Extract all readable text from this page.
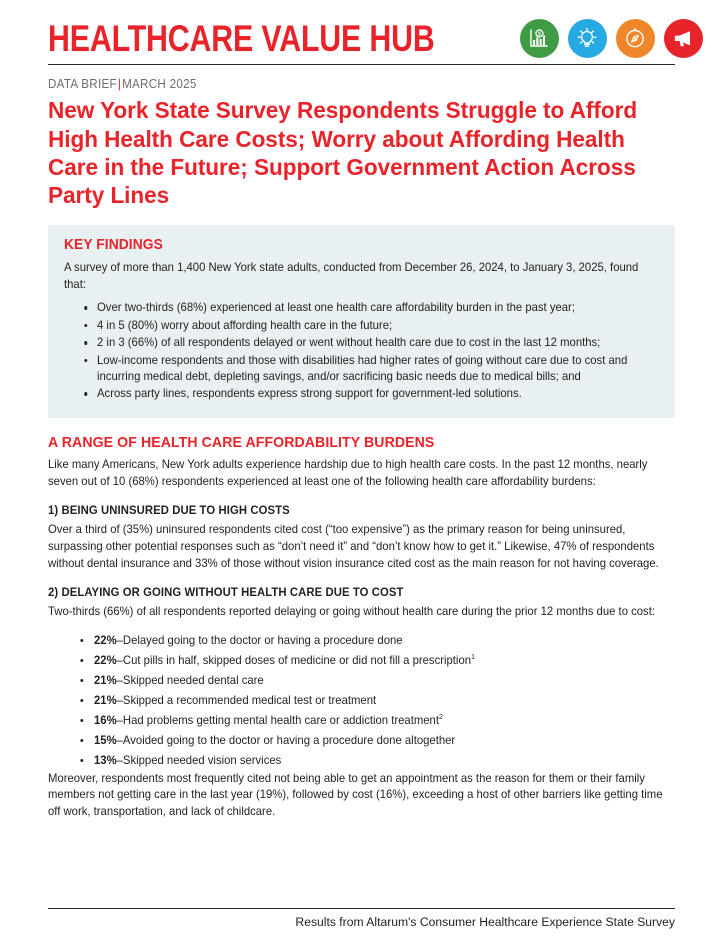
HEALTHCARE VALUE HUB	$
DATA BRIEF|MARCH 2025
New York State Survey Respondents Struggle to Afford High Health Care Costs; Worry about Affording Health Care in the Future; Support Government Action Across Party Lines
KEY FINDINGS

A survey of more than 1,400 New York state adults, conducted from December 26, 2024, to January 3, 2025, found that:

Over two-thirds (68%) experienced at least one health care affordability burden in the past year;
4 in 5 (80%) worry about affording health care in the future;
2 in 3 (66%) of all respondents delayed or went without health care due to cost in the last 12 months;
Low-income respondents and those with disabilities had higher rates of going without care due to cost and incurring medical debt, depleting savings, and/or sacrificing basic needs due to medical bills; and
Across party lines, respondents express strong support for government-led solutions.
A RANGE OF HEALTH CARE AFFORDABILITY BURDENS

Like many Americans, New York adults experience hardship due to high health care costs. In the past 12 months, nearly seven out of 10 (68%) respondents experienced at least one of the following health care affordability burdens:

1) BEING UNINSURED DUE TO HIGH COSTS

Over a third of (35%) uninsured respondents cited cost (“too expensive”) as the primary reason for being uninsured, surpassing other potential responses such as “don’t need it” and “don’t know how to get it.” Likewise, 47% of respondents without dental insurance and 33% of those without vision insurance cited cost as the main reason for not having coverage.

2) DELAYING OR GOING WITHOUT HEALTH CARE DUE TO COST

Two-thirds (66%) of all respondents reported delaying or going without health care during the prior 12 months due to cost:

22%–Delayed going to the doctor or having a procedure done
22%–Cut pills in half, skipped doses of medicine or did not fill a prescription$^1$
21%–Skipped needed dental care
21%–Skipped a recommended medical test or treatment
16%–Had problems getting mental health care or addiction treatment$^2$
15%–Avoided going to the doctor or having a procedure done altogether
13%–Skipped needed vision services

Moreover, respondents most frequently cited not being able to get an appointment as the reason for them or their family members not getting care in the last year (19%), followed by cost (16%), exceeding a host of other barriers like getting time off work, transportation, and lack of childcare.

Results from Altarum's Consumer Healthcare Experience State Survey
